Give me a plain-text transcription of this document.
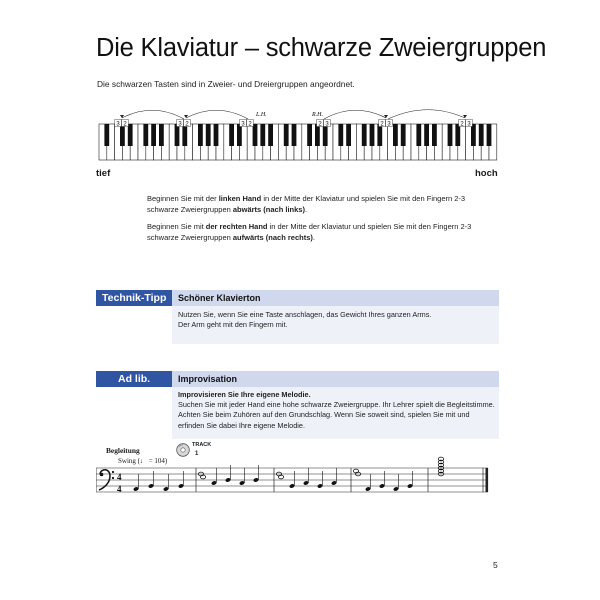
Die Klaviatur – schwarze Zweiergruppen
Die schwarzen Tasten sind in Zweier- und Dreiergruppen angeordnet.
3 2	3 2	3 2	2 3	2 3	2 3
L.H.	R.H.
tief	hoch
Beginnen Sie mit der linken Hand in der Mitte der Klaviatur und spielen Sie mit den Fingern 2-3 schwarze Zweiergruppen abwärts (nach links).
Beginnen Sie mit der rechten Hand in der Mitte der Klaviatur und spielen Sie mit den Fingern 2-3 schwarze Zweiergruppen aufwärts (nach rechts).
Technik-Tipp	Schöner Klavierton
Nutzen Sie, wenn Sie eine Taste anschlagen, das Gewicht Ihres ganzen Arms.
Der Arm geht mit den Fingern mit.
Ad lib.	Improvisation
Improvisieren Sie Ihre eigene Melodie.
Suchen Sie mit jeder Hand eine hohe schwarze Zweiergruppe. Ihr Lehrer spielt die Begleitstimme. Achten Sie beim Zuhören auf den Grundschlag. Wenn Sie soweit sind, spielen Sie mit und erfinden Sie dabei Ihre eigene Melodie.
Begleitung
Swing (♩ = 104)
TRACK
1
4
4
5
